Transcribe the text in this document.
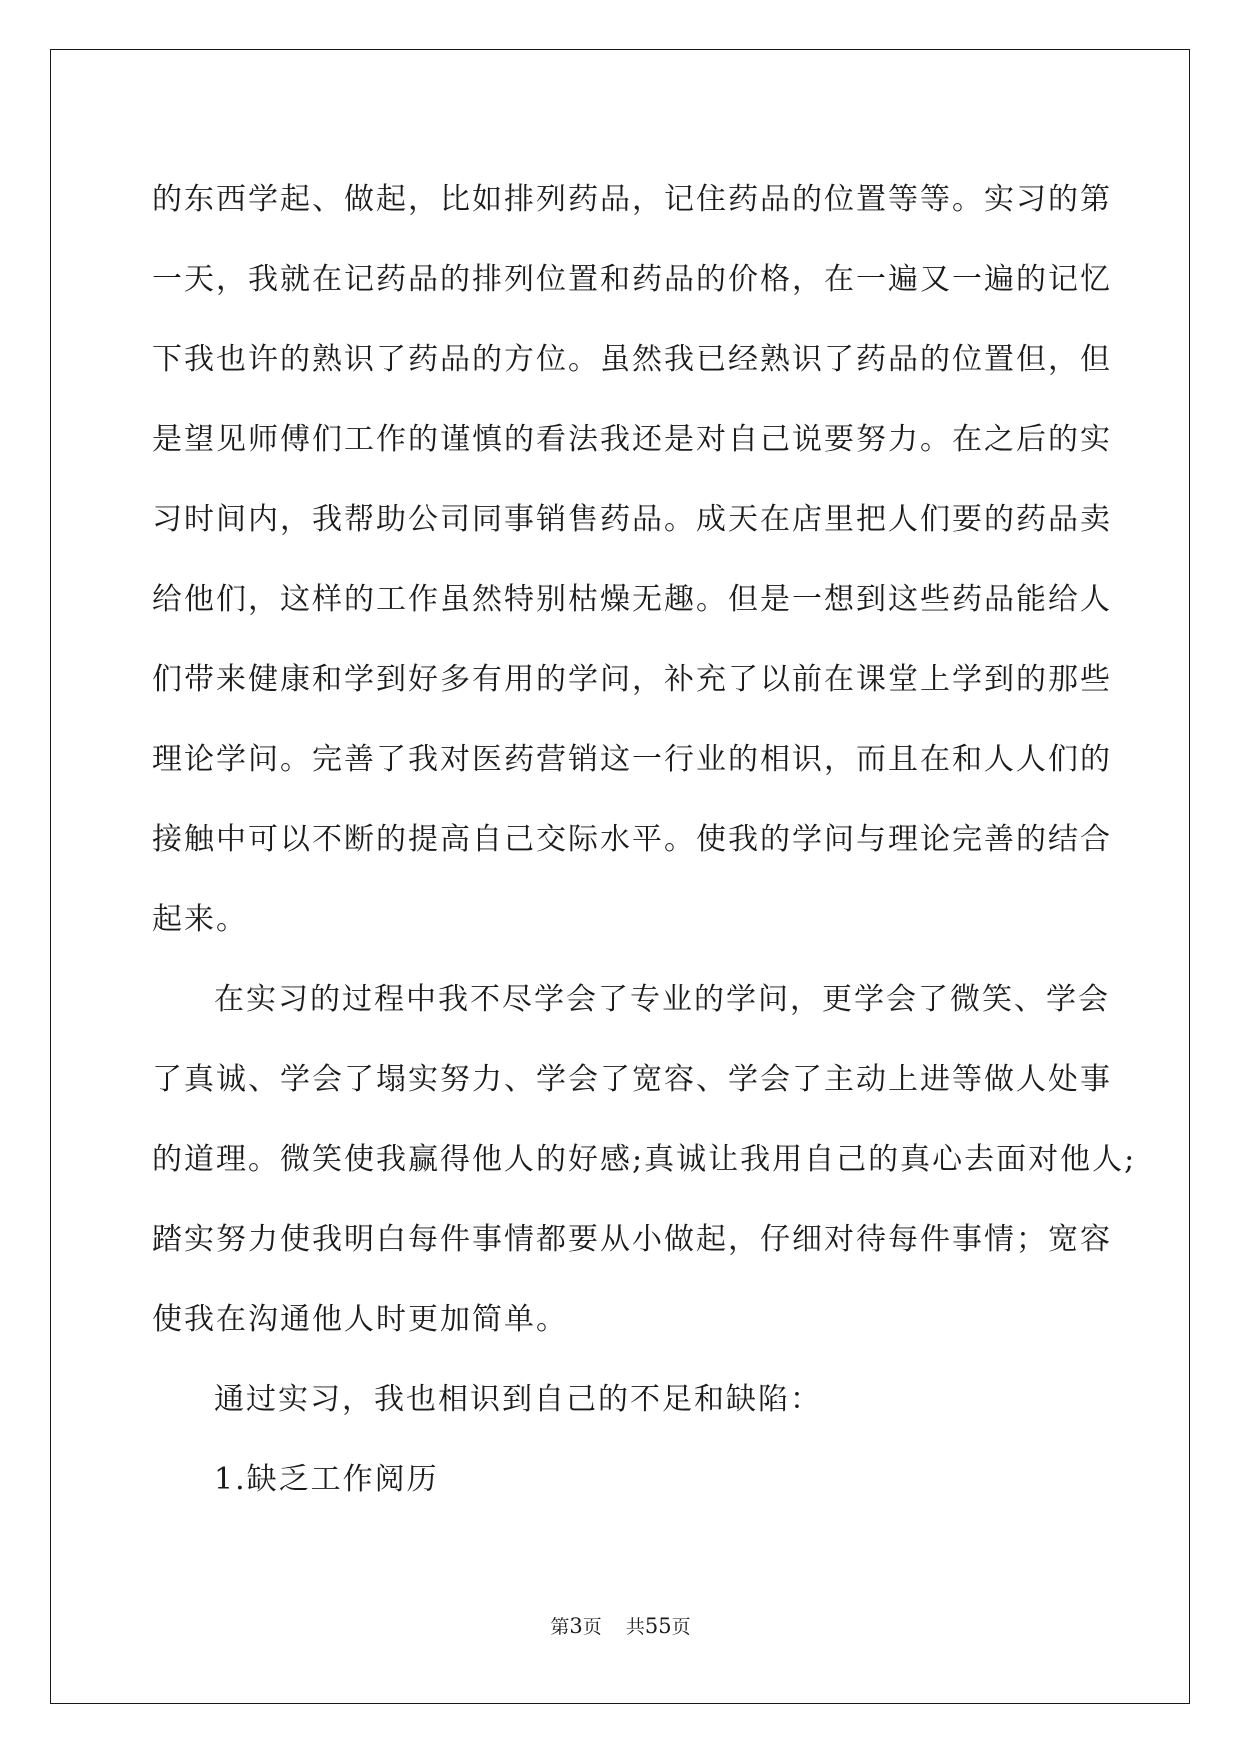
的东西学起、做起，比如排列药品，记住药品的位置等等。实习的第
一天，我就在记药品的排列位置和药品的价格，在一遍又一遍的记忆
下我也许的熟识了药品的方位。虽然我已经熟识了药品的位置但，但
是望见师傅们工作的谨慎的看法我还是对自己说要努力。在之后的实
习时间内，我帮助公司同事销售药品。成天在店里把人们要的药品卖
给他们，这样的工作虽然特别枯燥无趣。但是一想到这些药品能给人
们带来健康和学到好多有用的学问，补充了以前在课堂上学到的那些
理论学问。完善了我对医药营销这一行业的相识，而且在和人人们的
接触中可以不断的提高自己交际水平。使我的学问与理论完善的结合
起来。

在实习的过程中我不尽学会了专业的学问，更学会了微笑、学会
了真诚、学会了塌实努力、学会了宽容、学会了主动上进等做人处事
的道理。微笑使我赢得他人的好感;真诚让我用自己的真心去面对他人;
踏实努力使我明白每件事情都要从小做起，仔细对待每件事情；宽容
使我在沟通他人时更加简单。

通过实习，我也相识到自己的不足和缺陷：

1.缺乏工作阅历

第3页 共55页
